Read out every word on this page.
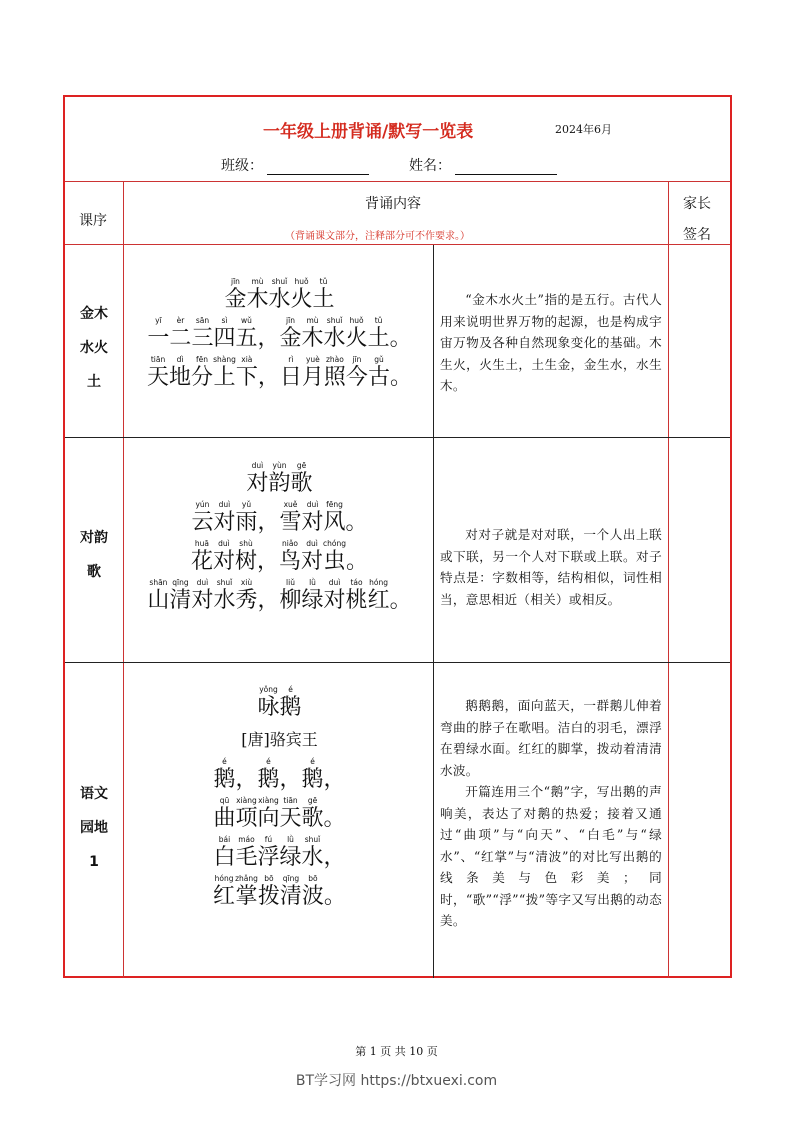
一年级上册背诵/默写一览表	2024年6月
班级：	姓名：
课序
背诵内容
（背诵课文部分，注释部分可不作要求。）
家长
签名
金木
水火
土
jīn
金
mù
木
shuǐ
水
huǒ
火
tǔ
土
yī
一
èr
二
sān
三
sì
四
wǔ
五 ，
jīn
金
mù
木
shuǐ
水
huǒ
火
tǔ
土 。
tiān
天
dì
地
fēn
分
shàng
上
xià
下 ，
rì
日
yuè
月
zhào
照
jīn
今
gǔ
古 。

“金木水火土”指的是五行。古代人用来说明世界万物的起源，也是构成宇宙万物及各种自然现象变化的基础。木生火，火生土，土生金，金生水，水生木。

对韵
歌
duì
对
yùn
韵
gē
歌
yún
云
duì
对
yǔ
雨 ，
xuě
雪
duì
对
fēng
风 。
huā
花
duì
对
shù
树 ，
niǎo
鸟
duì
对
chóng
虫 。
shān
山
qīng
清
duì
对
shuǐ
水
xiù
秀 ，
liǔ
柳
lǜ
绿
duì
对
táo
桃
hóng
红 。

对对子就是对对联，一个人出上联或下联，另一个人对下联或上联。对子特点是：字数相等，结构相似，词性相当，意思相近（相关）或相反。

语文
园地
1
yǒng
咏
é
鹅
[唐]骆宾王
é
鹅 ，
é
鹅 ，
é
鹅 ，
qū
曲
xiàng
项
xiàng
向
tiān
天
gē
歌 。
bái
白
máo
毛
fú
浮
lǜ
绿
shuǐ
水 ，
hóng
红
zhǎng
掌
bō
拨
qīng
清
bō
波 。

鹅鹅鹅，面向蓝天，一群鹅儿伸着弯曲的脖子在歌唱。洁白的羽毛，漂浮在碧绿水面。红红的脚掌，拨动着清清水波。

开篇连用三个“鹅”字，写出鹅的声响美，表达了对鹅的热爱；接着又通过“曲项”与“向天”、“白毛”与“绿水”、“红掌”与“清波”的对比写出鹅的线条美与色彩美；同时，“歌”“浮”“拨”等字又写出鹅的动态美。

第 1 页 共 10 页
BT学习网 https://btxuexi.com
